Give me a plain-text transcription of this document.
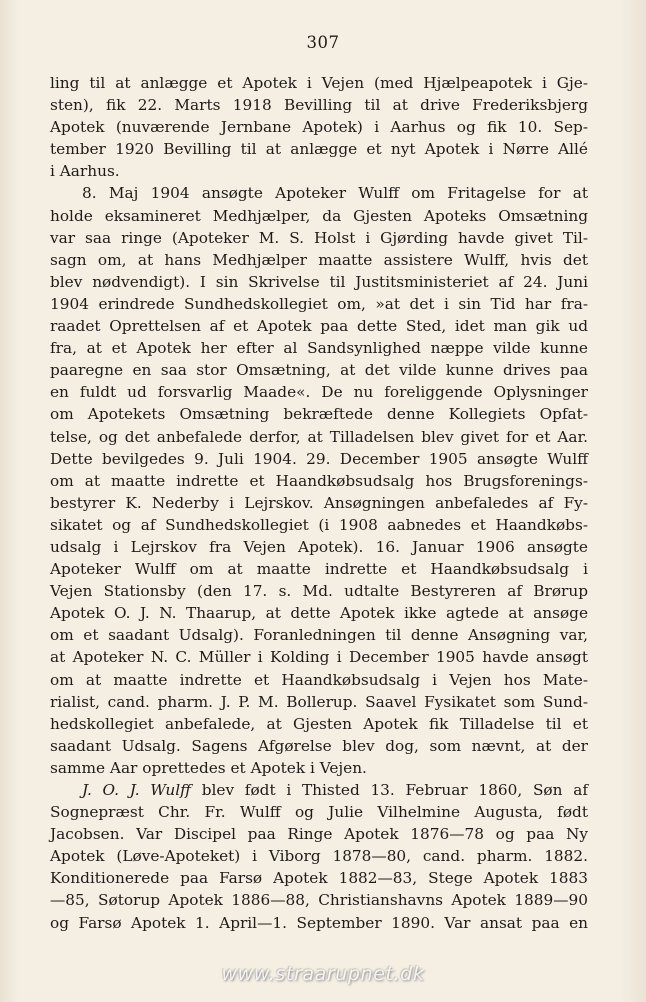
307
ling til at anlægge et Apotek i Vejen (med Hjælpeapotek i Gje-
sten), fik 22. Marts 1918 Bevilling til at drive Frederiksbjerg
Apotek (nuværende Jernbane Apotek) i Aarhus og fik 10. Sep-
tember 1920 Bevilling til at anlægge et nyt Apotek i Nørre Allé
i Aarhus.
8. Maj 1904 ansøgte Apoteker Wulff om Fritagelse for at
holde eksamineret Medhjælper, da Gjesten Apoteks Omsætning
var saa ringe (Apoteker M. S. Holst i Gjørding havde givet Til-
sagn om, at hans Medhjælper maatte assistere Wulff, hvis det
blev nødvendigt). I sin Skrivelse til Justitsministeriet af 24. Juni
1904 erindrede Sundhedskollegiet om, »at det i sin Tid har fra-
raadet Oprettelsen af et Apotek paa dette Sted, idet man gik ud
fra, at et Apotek her efter al Sandsynlighed næppe vilde kunne
paaregne en saa stor Omsætning, at det vilde kunne drives paa
en fuldt ud forsvarlig Maade«. De nu foreliggende Oplysninger
om Apotekets Omsætning bekræftede denne Kollegiets Opfat-
telse, og det anbefalede derfor, at Tilladelsen blev givet for et Aar.
Dette bevilgedes 9. Juli 1904. 29. December 1905 ansøgte Wulff
om at maatte indrette et Haandkøbsudsalg hos Brugsforenings-
bestyrer K. Nederby i Lejrskov. Ansøgningen anbefaledes af Fy-
sikatet og af Sundhedskollegiet (i 1908 aabnedes et Haandkøbs-
udsalg i Lejrskov fra Vejen Apotek). 16. Januar 1906 ansøgte
Apoteker Wulff om at maatte indrette et Haandkøbsudsalg i
Vejen Stationsby (den 17. s. Md. udtalte Bestyreren af Brørup
Apotek O. J. N. Thaarup, at dette Apotek ikke agtede at ansøge
om et saadant Udsalg). Foranledningen til denne Ansøgning var,
at Apoteker N. C. Müller i Kolding i December 1905 havde ansøgt
om at maatte indrette et Haandkøbsudsalg i Vejen hos Mate-
rialist, cand. pharm. J. P. M. Bollerup. Saavel Fysikatet som Sund-
hedskollegiet anbefalede, at Gjesten Apotek fik Tilladelse til et
saadant Udsalg. Sagens Afgørelse blev dog, som nævnt, at der
samme Aar oprettedes et Apotek i Vejen.
J. O. J. Wulff blev født i Thisted 13. Februar 1860, Søn af
Sognepræst Chr. Fr. Wulff og Julie Vilhelmine Augusta, født
Jacobsen. Var Discipel paa Ringe Apotek 1876—78 og paa Ny
Apotek (Løve-Apoteket) i Viborg 1878—80, cand. pharm. 1882.
Konditionerede paa Farsø Apotek 1882—83, Stege Apotek 1883
—85, Søtorup Apotek 1886—88, Christianshavns Apotek 1889—90
og Farsø Apotek 1. April—1. September 1890. Var ansat paa en
www.straarupnet.dk
